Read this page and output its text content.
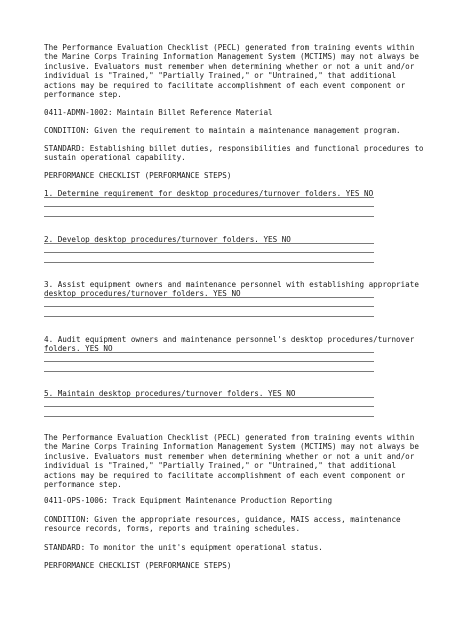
The Performance Evaluation Checklist (PECL) generated from training events within
the Marine Corps Training Information Management System (MCTIMS) may not always be
inclusive. Evaluators must remember when determining whether or not a unit and/or
individual is "Trained," "Partially Trained," or "Untrained," that additional
actions may be required to facilitate accomplishment of each event component or
performance step.

0411-ADMN-1002: Maintain Billet Reference Material

CONDITION: Given the requirement to maintain a maintenance management program.

STANDARD: Establishing billet duties, responsibilities and functional procedures to
sustain operational capability.

PERFORMANCE CHECKLIST (PERFORMANCE STEPS)

1. Determine requirement for desktop procedures/turnover folders. YES NO

2. Develop desktop procedures/turnover folders. YES NO

3. Assist equipment owners and maintenance personnel with establishing appropriate
desktop procedures/turnover folders. YES NO

4. Audit equipment owners and maintenance personnel's desktop procedures/turnover
folders. YES NO

5. Maintain desktop procedures/turnover folders. YES NO

The Performance Evaluation Checklist (PECL) generated from training events within
the Marine Corps Training Information Management System (MCTIMS) may not always be
inclusive. Evaluators must remember when determining whether or not a unit and/or
individual is "Trained," "Partially Trained," or "Untrained," that additional
actions may be required to facilitate accomplishment of each event component or
performance step.

0411-OPS-1006: Track Equipment Maintenance Production Reporting

CONDITION: Given the appropriate resources, guidance, MAIS access, maintenance
resource records, forms, reports and training schedules.

STANDARD: To monitor the unit's equipment operational status.

PERFORMANCE CHECKLIST (PERFORMANCE STEPS)
